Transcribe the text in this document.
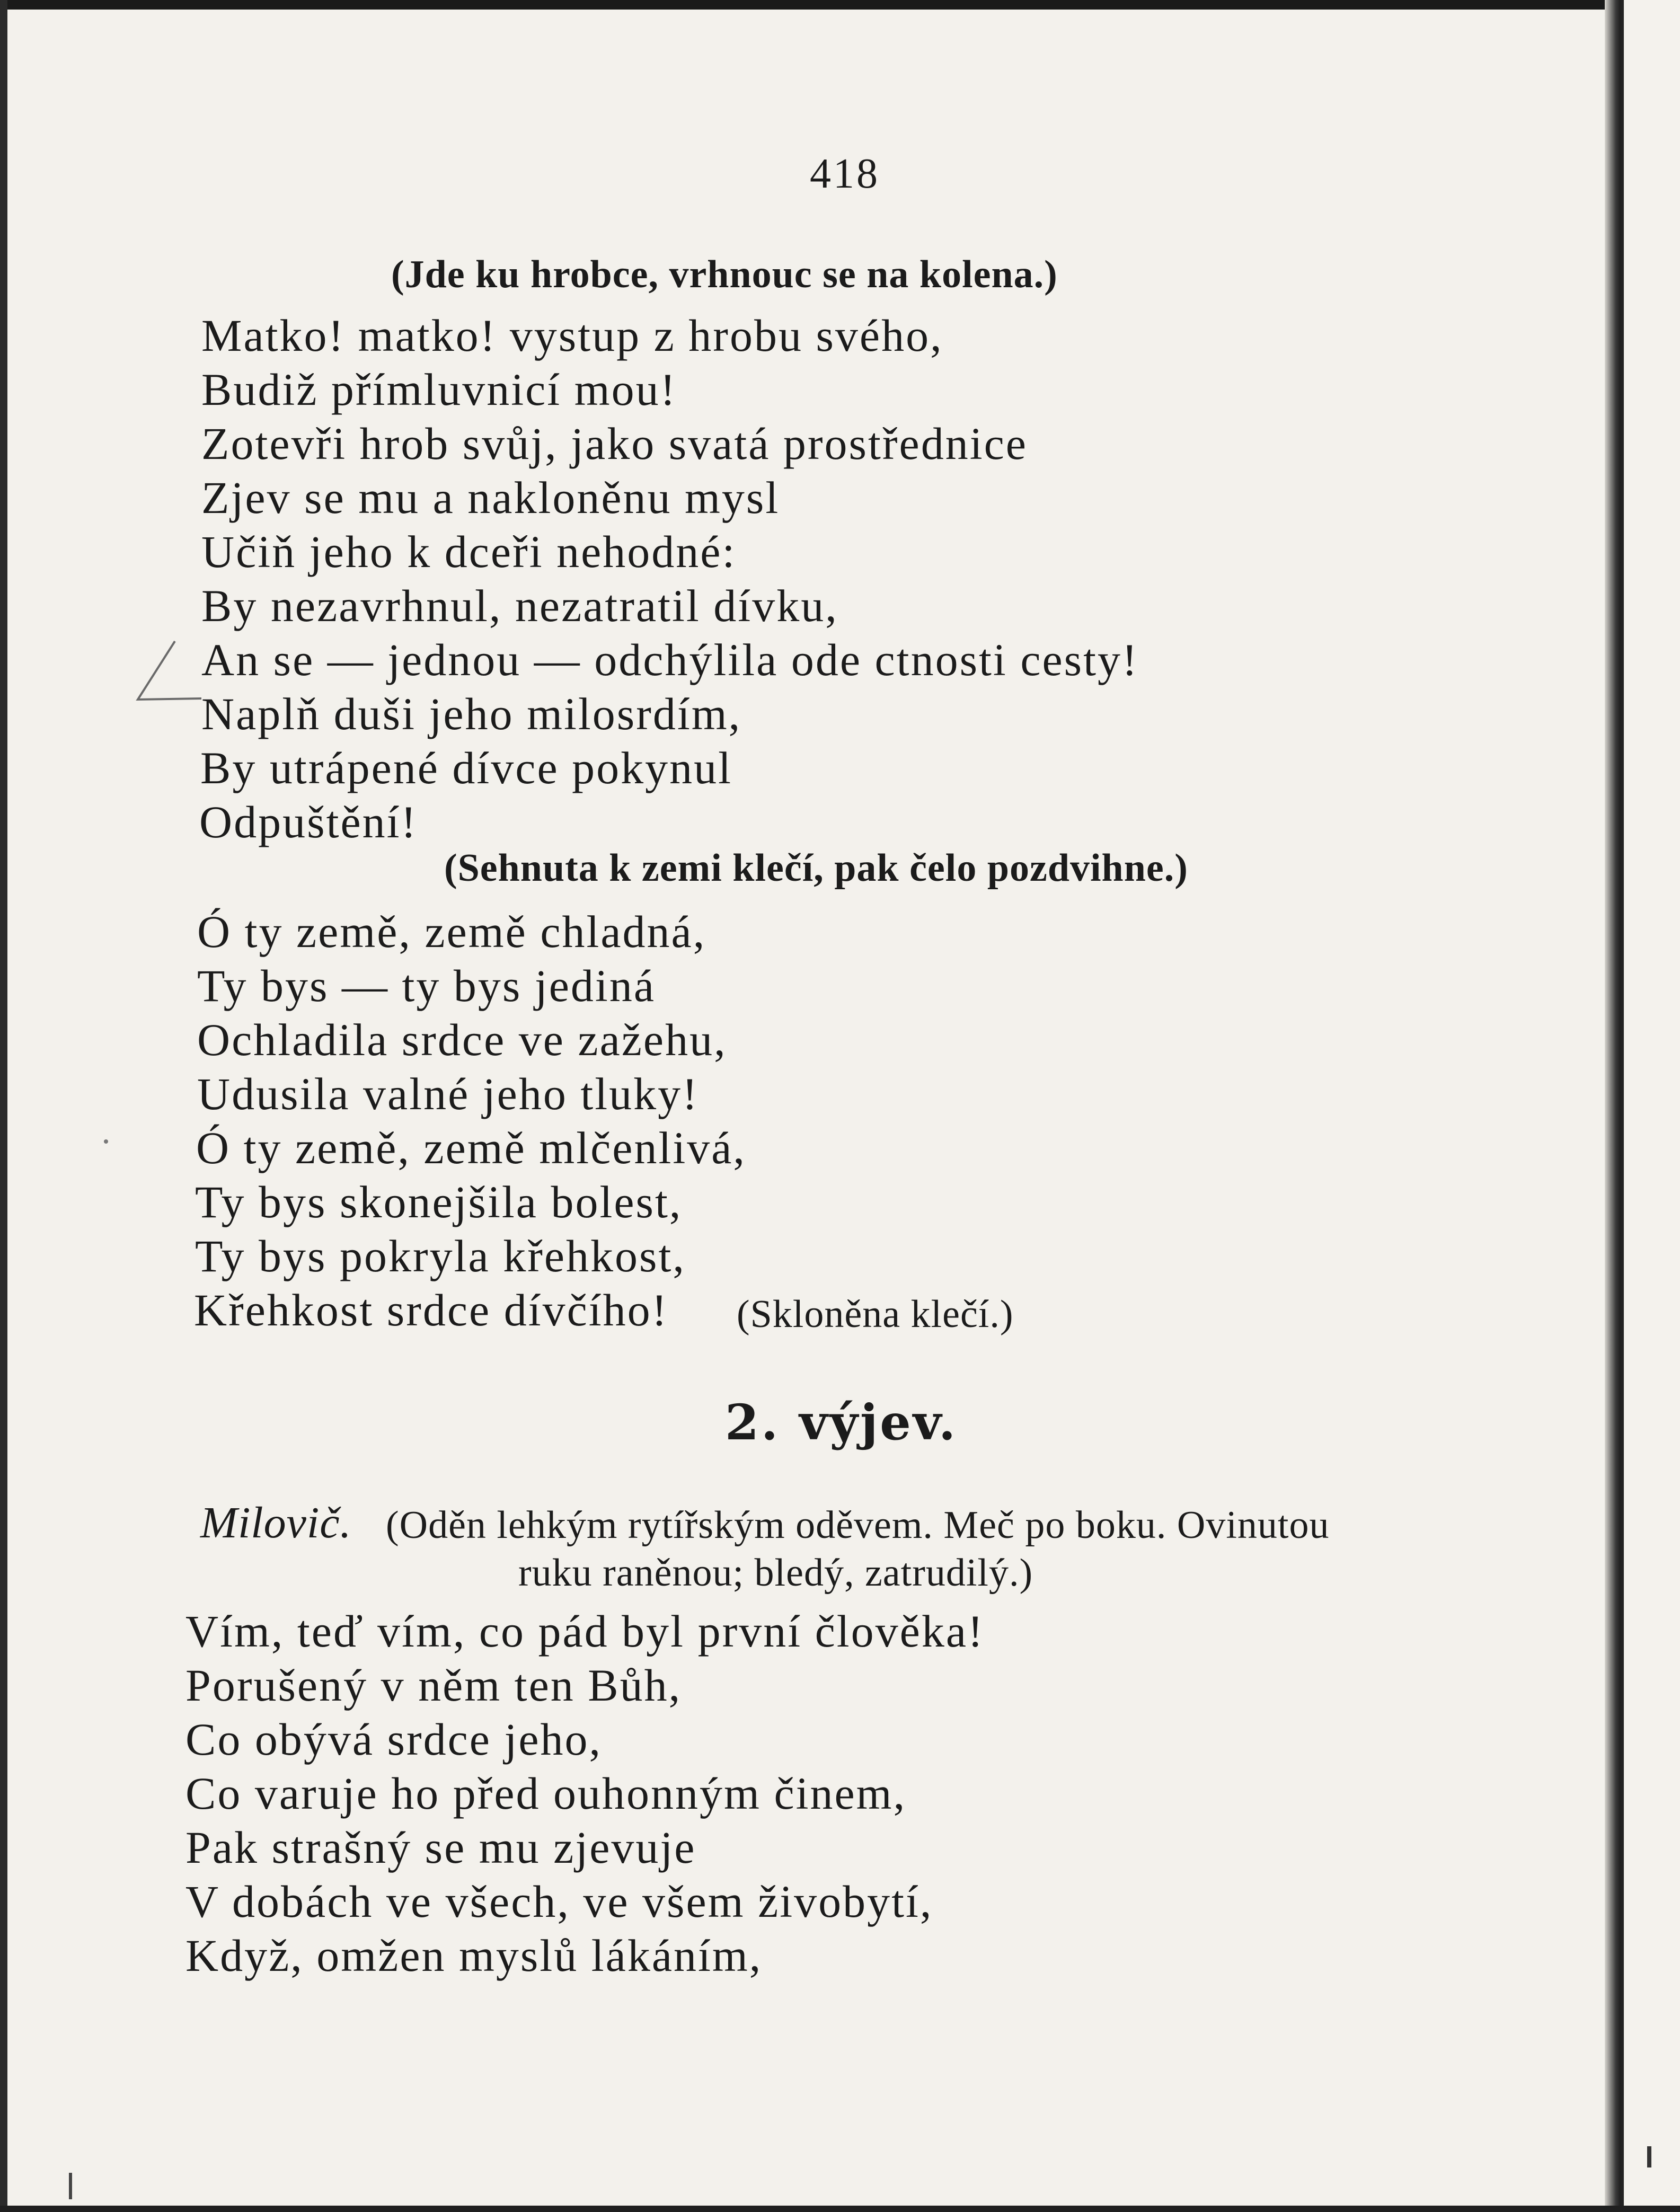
418
(Jde ku hrobce, vrhnouc se na kolena.)
Matko! matko! vystup z hrobu svého,
Budiž přímluvnicí mou!
Zotevři hrob svůj, jako svatá prostřednice
Zjev se mu a nakloněnu mysl
Učiň jeho k dceři nehodné:
By nezavrhnul, nezatratil dívku,
An se — jednou — odchýlila ode ctnosti cesty!
Naplň duši jeho milosrdím,
By utrápené dívce pokynul
Odpuštění!
(Sehnuta k zemi klečí, pak čelo pozdvihne.)
Ó ty země, země chladná,
Ty bys — ty bys jediná
Ochladila srdce ve zažehu,
Udusila valné jeho tluky!
Ó ty země, země mlčenlivá,
Ty bys skonejšila bolest,
Ty bys pokryla křehkost,
Křehkost srdce dívčího! (Skloněna klečí.)
2. výjev.
Milovič. (Oděn lehkým rytířským oděvem. Meč po boku. Ovinutou
ruku raněnou; bledý, zatrudilý.)
Vím, teď vím, co pád byl první člověka!
Porušený v něm ten Bůh,
Co obývá srdce jeho,
Co varuje ho před ouhonným činem,
Pak strašný se mu zjevuje
V dobách ve všech, ve všem živobytí,
Když, omžen myslů lákáním,
